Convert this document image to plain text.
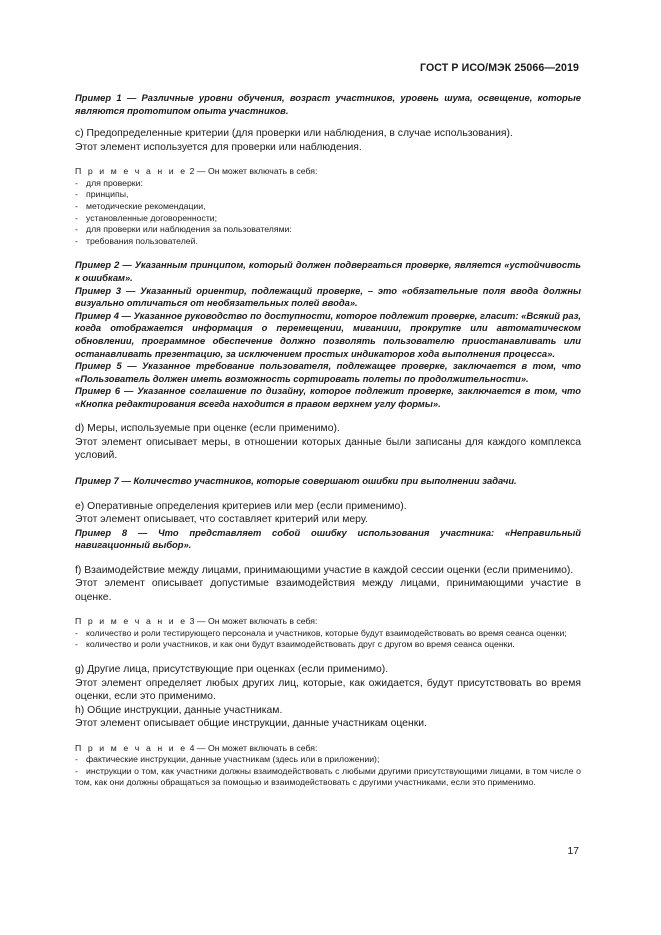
ГОСТ Р ИСО/МЭК 25066—2019

Пример 1 — Различные уровни обучения, возраст участников, уровень шума, освещение, которые являются прототипом опыта участников.

c) Предопределенные критерии (для проверки или наблюдения, в случае использования).

Этот элемент используется для проверки или наблюдения.

П р и м е ч а н и е 2 — Он может включать в себя:

- для проверки:
- принципы,
- методические рекомендации,
- установленные договоренности;
- для проверки или наблюдения за пользователями:
- требования пользователей.

Пример 2 — Указанным принципом, который должен подвергаться проверке, является «устойчивость к ошибкам».

Пример 3 — Указанный ориентир, подлежащий проверке, – это «обязательные поля ввода должны визуально отличаться от необязательных полей ввода».

Пример 4 — Указанное руководство по доступности, которое подлежит проверке, гласит: «Всякий раз, когда отображается информация о перемещении, миганиии, прокрутке или автоматическом обновлении, программное обеспечение должно позволять пользователю приостанавливать или останавливать презентацию, за исключением простых индикаторов хода выполнения процесса».

Пример 5 — Указанное требование пользователя, подлежащее проверке, заключается в том, что «Пользователь должен иметь возможность сортировать полеты по продолжительности».

Пример 6 — Указанное соглашение по дизайну, которое подлежит проверке, заключается в том, что «Кнопка редактирования всегда находится в правом верхнем углу формы».

d) Меры, используемые при оценке (если применимо).

Этот элемент описывает меры, в отношении которых данные были записаны для каждого комплекса условий.

Пример 7 — Количество участников, которые совершают ошибки при выполнении задачи.

e) Оперативные определения критериев или мер (если применимо).

Этот элемент описывает, что составляет критерий или меру.

Пример 8 — Что представляет собой ошибку использования участника: «Неправильный навигационный выбор».

f) Взаимодействие между лицами, принимающими участие в каждой сессии оценки (если применимо).

Этот элемент описывает допустимые взаимодействия между лицами, принимающими участие в оценке.

П р и м е ч а н и е 3 — Он может включать в себя:

- количество и роли тестирующего персонала и участников, которые будут взаимодействовать во время сеанса оценки;
- количество и роли участников, и как они будут взаимодействовать друг с другом во время сеанса оценки.

g) Другие лица, присутствующие при оценках (если применимо).

Этот элемент определяет любых других лиц, которые, как ожидается, будут присутствовать во время оценки, если это применимо.

h) Общие инструкции, данные участникам.

Этот элемент описывает общие инструкции, данные участникам оценки.

П р и м е ч а н и е 4 — Он может включать в себя:

- фактические инструкции, данные участникам (здесь или в приложении);
- инструкции о том, как участники должны взаимодействовать с любыми другими присутствующими лицами, в том числе о том, как они должны обращаться за помощью и взаимодействовать с другими участниками, если это применимо.
17
